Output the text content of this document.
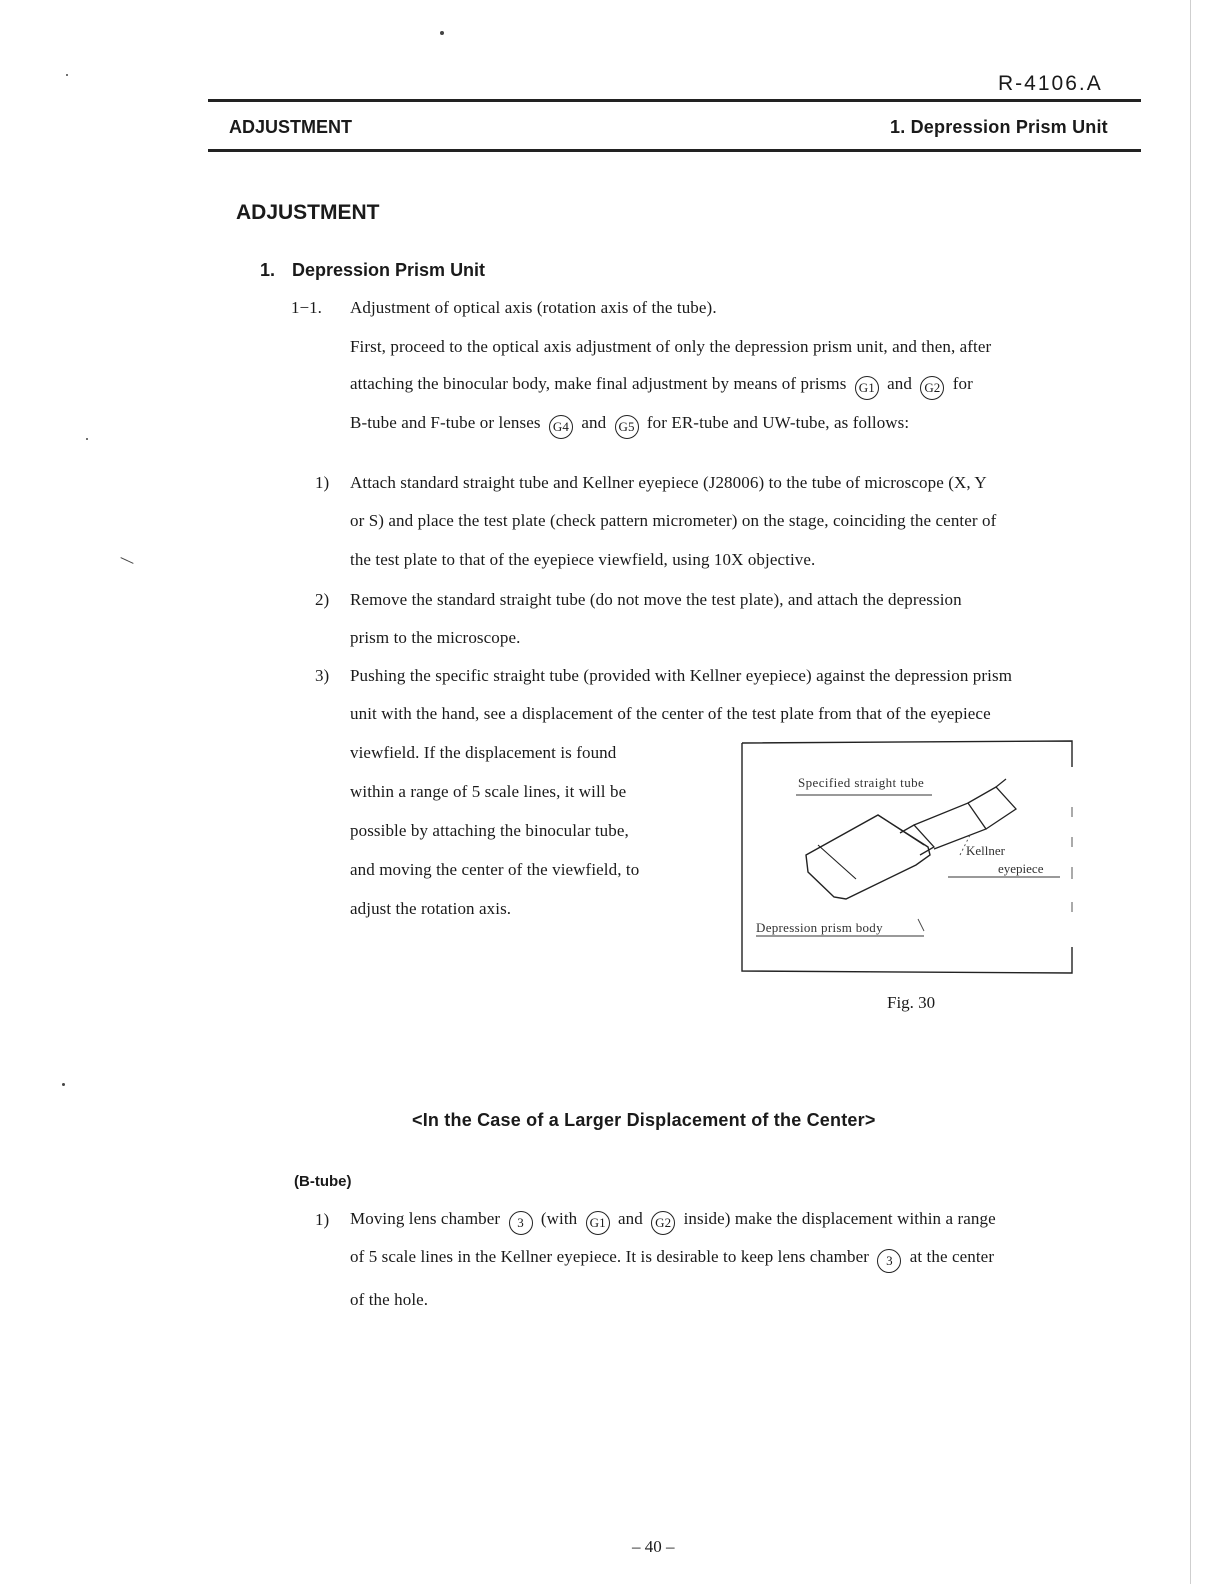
R-4106.A
ADJUSTMENT	1. Depression Prism Unit
ADJUSTMENT
1. Depression Prism Unit
1−1. Adjustment of optical axis (rotation axis of the tube).
First, proceed to the optical axis adjustment of only the depression prism unit, and then, after
attaching the binocular body, make final adjustment by means of prisms G1 and G2 for
B-tube and F-tube or lenses G4 and G5 for ER-tube and UW-tube, as follows:
1) Attach standard straight tube and Kellner eyepiece (J28006) to the tube of microscope (X, Y
or S) and place the test plate (check pattern micrometer) on the stage, coinciding the center of
the test plate to that of the eyepiece viewfield, using 10X objective.
2) Remove the standard straight tube (do not move the test plate), and attach the depression
prism to the microscope.
3) Pushing the specific straight tube (provided with Kellner eyepiece) against the depression prism
unit with the hand, see a displacement of the center of the test plate from that of the eyepiece
viewfield. If the displacement is found
within a range of 5 scale lines, it will be
possible by attaching the binocular tube,
and moving the center of the viewfield, to
adjust the rotation axis.
Specified straight tube
Kellner
eyepiece
Depression prism body
Fig. 30
<In the Case of a Larger Displacement of the Center>
(B-tube)
1) Moving lens chamber 3 (with G1 and G2 inside) make the displacement within a range
of 5 scale lines in the Kellner eyepiece. It is desirable to keep lens chamber 3 at the center
of the hole.
– 40 –
